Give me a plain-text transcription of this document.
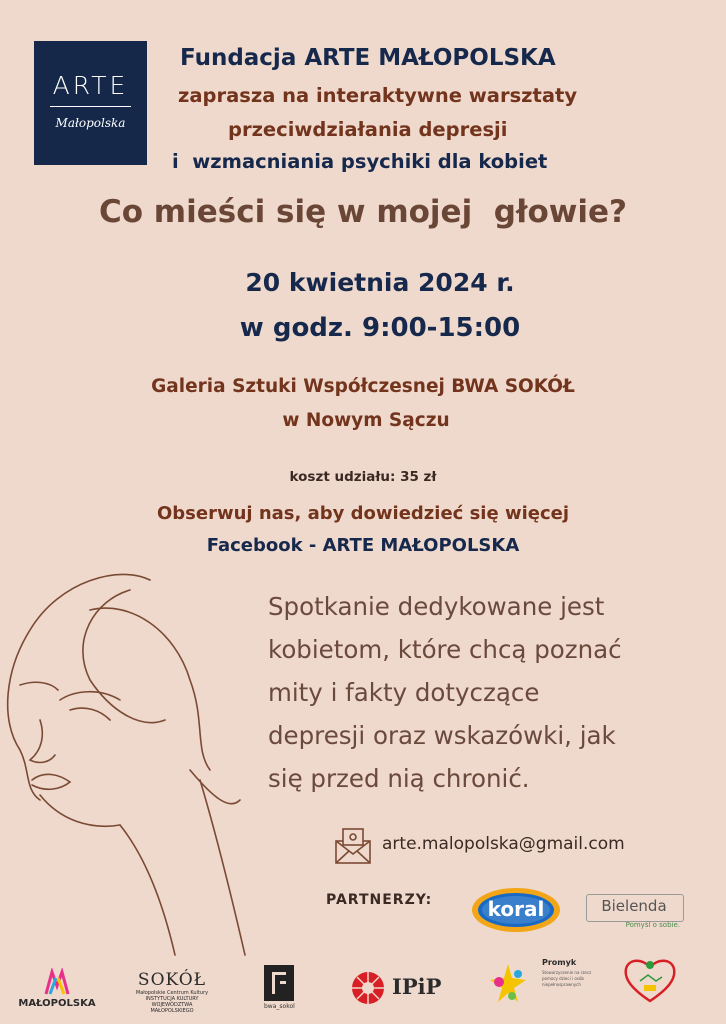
ARTE
Małopolska
Fundacja ARTE MAŁOPOLSKA
zaprasza na interaktywne warsztaty
przeciwdziałania depresji
i  wzmacniania psychiki dla kobiet
Co mieści się w mojej  głowie?
20 kwietnia 2024 r.
w godz. 9:00-15:00
Galeria Sztuki Współczesnej BWA SOKÓŁ
w Nowym Sączu
koszt udziału: 35 zł
Obserwuj nas, aby dowiedzieć się więcej
Facebook - ARTE MAŁOPOLSKA
Spotkanie dedykowane jest
kobietom, które chcą poznać
mity i fakty dotyczące
depresji oraz wskazówki, jak
się przed nią chronić.
arte.malopolska@gmail.com
PARTNERZY:	koral	Bielenda
Pomyśl o sobie.
MAŁOPOLSKA
SOKÓŁ
Małopolskie Centrum Kultury
INSTYTUCJA KULTURY
WOJEWÓDZTWA MAŁOPOLSKIEGO
bwa_sokol
IPiP
Promyk
Stowarzyszenie na rzecz pomocy dzieci i osób niepełnosprawnych
